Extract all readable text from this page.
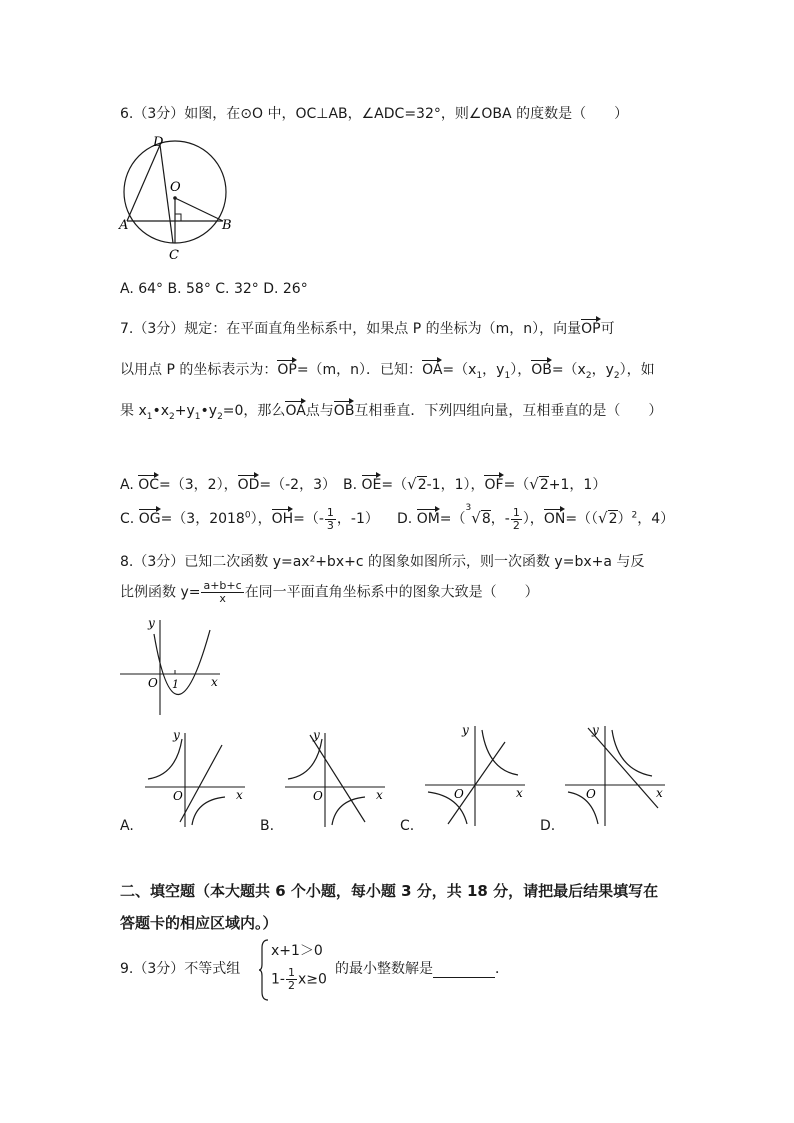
6.（3分）如图，在⊙O 中，OC⊥AB，∠ADC=32°，则∠OBA 的度数是（　　）
D
O
A	B
C
A. 64° B. 58° C. 32° D. 26°
7.（3分）规定：在平面直角坐标系中，如果点 P 的坐标为（m，n），向量OP可
以用点 P 的坐标表示为：OP=（m，n）．已知：$OA=(x_1$，$y_1$），$OB=(x_2$，$y_2$），如
果 $x_1•x_2+y_1•y_2=0$，那么OA点与OB互相垂直．下列四组向量，互相垂直的是（　　）
A. OC=（3，2），OD=（-2，3） B. OE=（√2-1，1），OF=（√2+1，1）
C. OG=（3，2018$^0$），$OH=(- \frac{1}{3}$ ，-1） D. OM=（$^3$√8，- $\frac{1}{2}$ ），$ON=((√2)^2$，4）
8.（3分）已知二次函数 y=ax²+bx+c 的图象如图所示，则一次函数 y=bx+a 与反
比例函数 $y= \frac{a+b+c}{x}$ 在同一平面直角坐标系中的图象大致是（　　）
y
x
O 1
y
x
O
y
x
O
y
x
O
y
x
O
A.	B.	C.	D.
二、填空题（本大题共 6 个小题，每小题 3 分，共 18 分，请把最后结果填写在
答题卡的相应区域内。）
9.（3分）不等式组
x+1＞0
$1- \frac{1}{2} x\ge 0$
的最小整数解是	．
